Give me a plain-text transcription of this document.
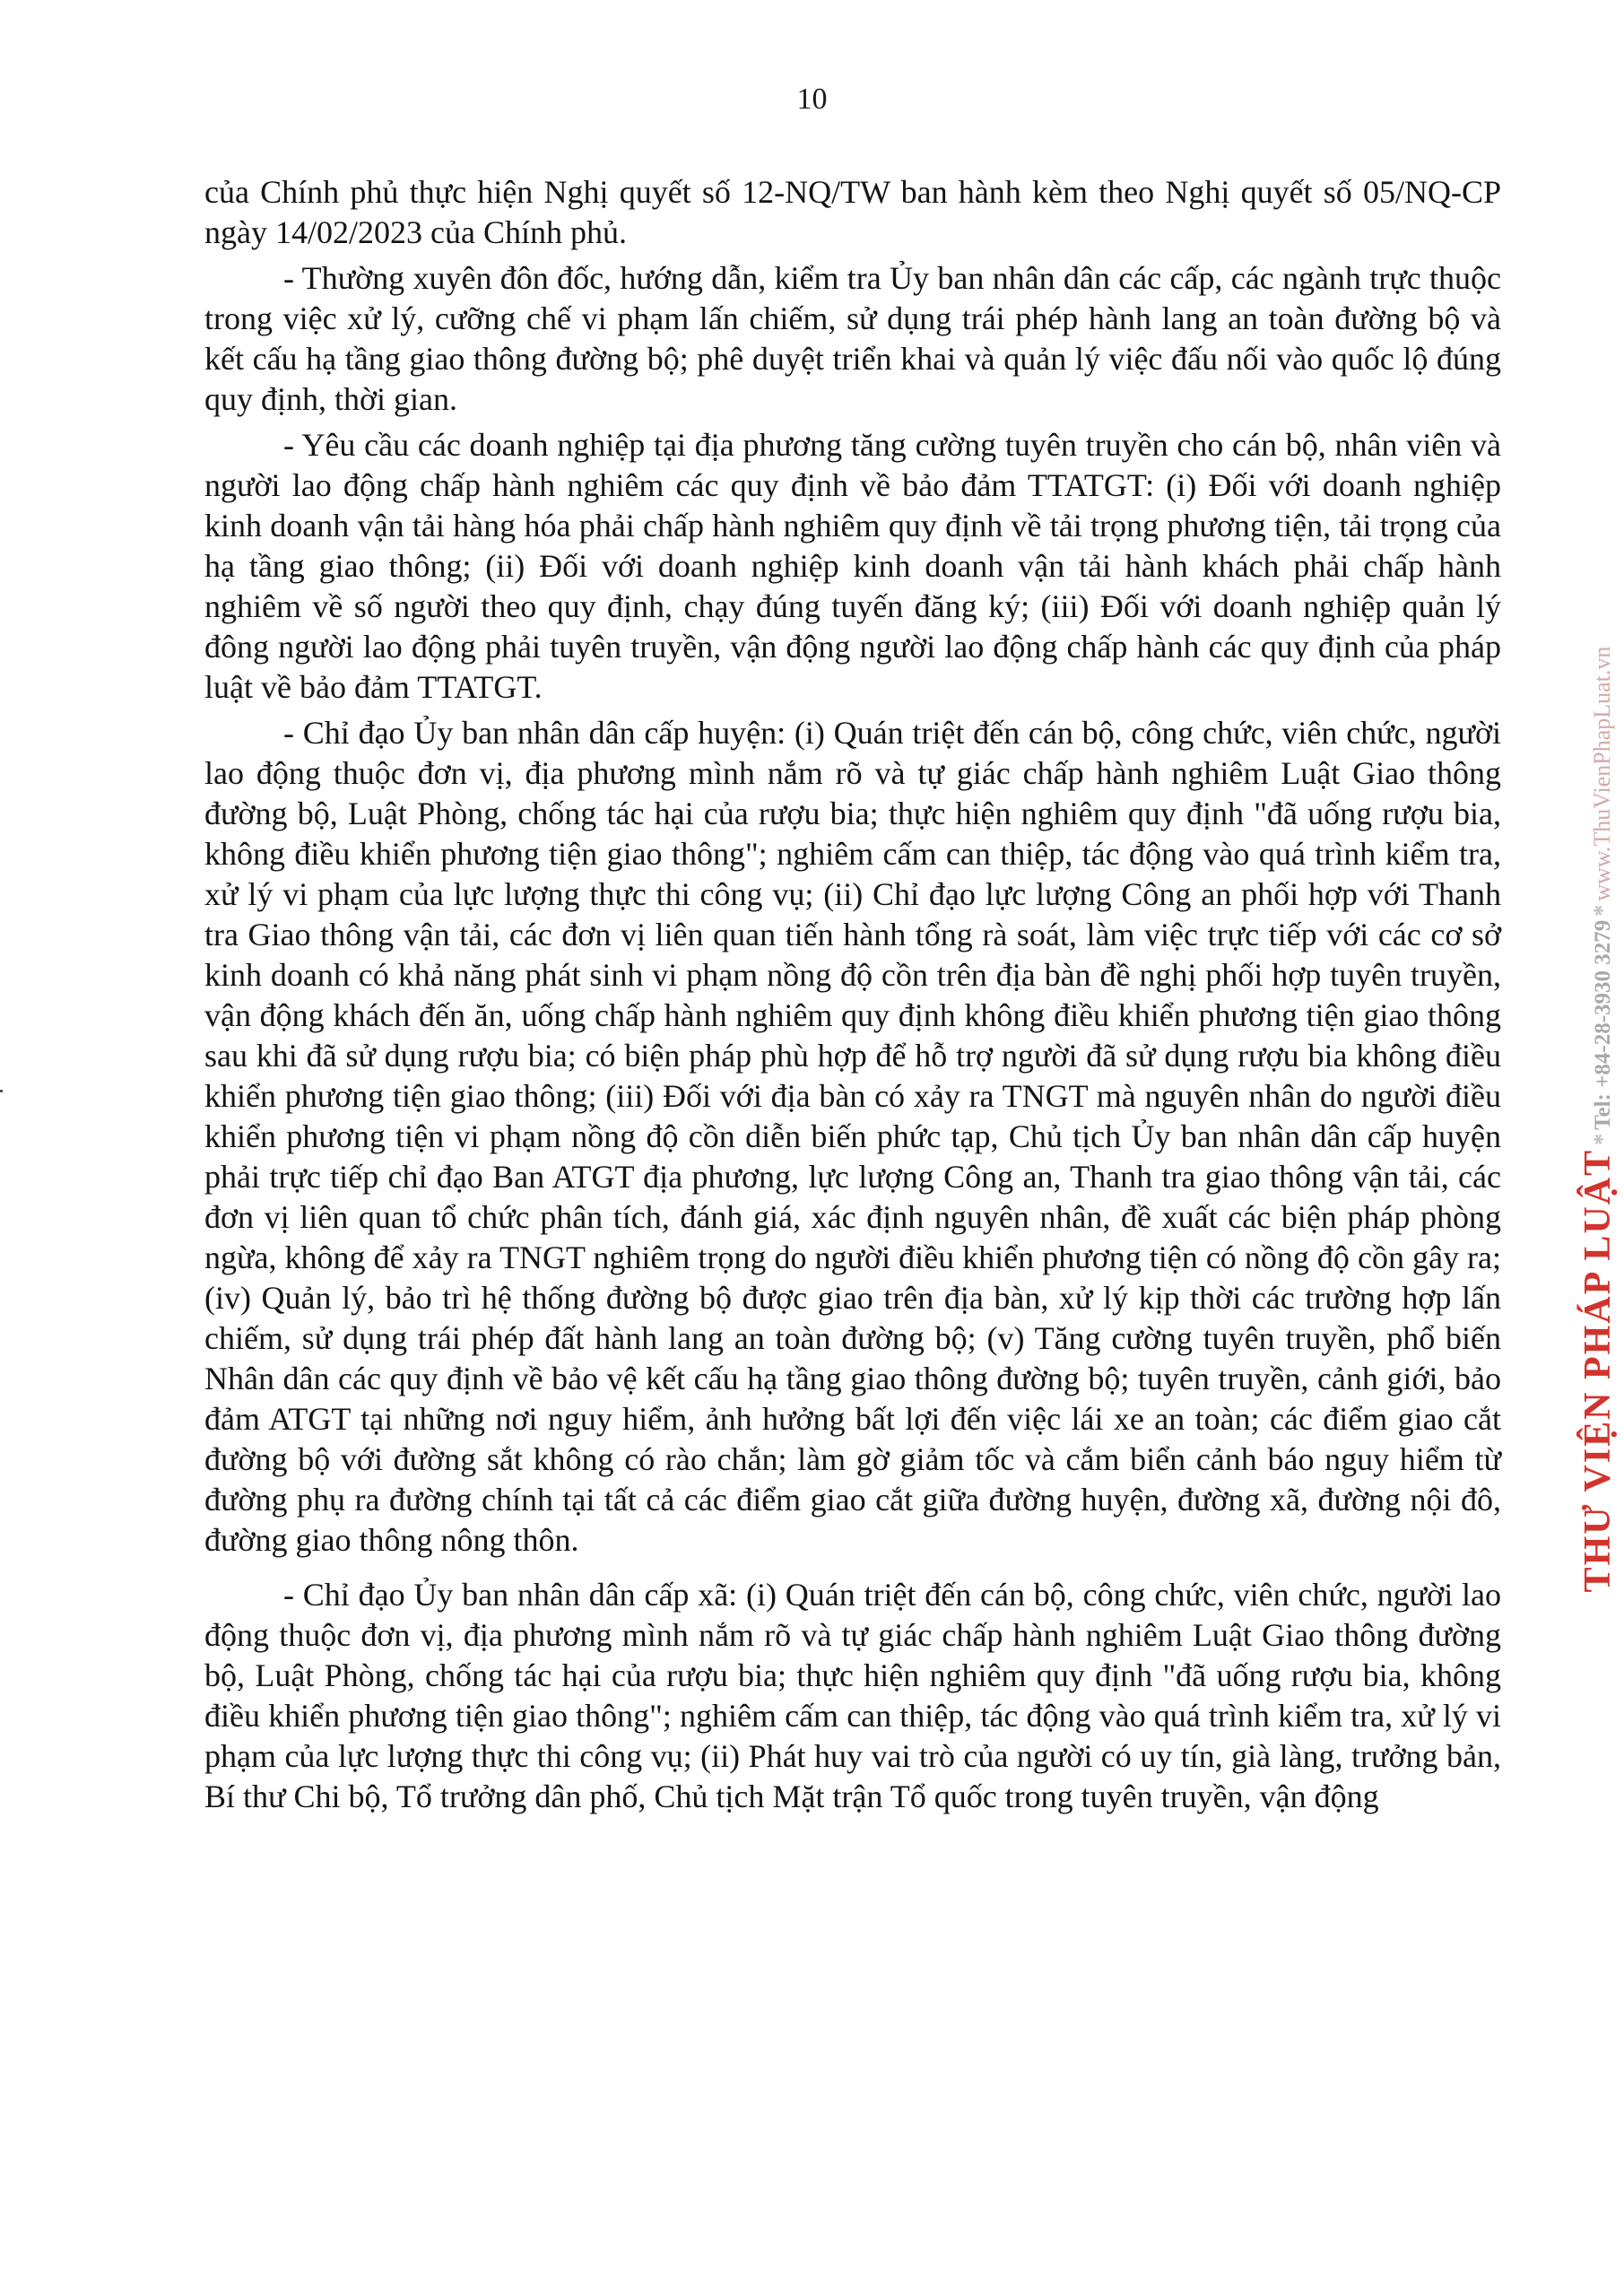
10

của Chính phủ thực hiện Nghị quyết số 12-NQ/TW ban hành kèm theo Nghị quyết số 05/NQ-CP ngày 14/02/2023 của Chính phủ.

- Thường xuyên đôn đốc, hướng dẫn, kiểm tra Ủy ban nhân dân các cấp, các ngành trực thuộc trong việc xử lý, cưỡng chế vi phạm lấn chiếm, sử dụng trái phép hành lang an toàn đường bộ và kết cấu hạ tầng giao thông đường bộ; phê duyệt triển khai và quản lý việc đấu nối vào quốc lộ đúng quy định, thời gian.

- Yêu cầu các doanh nghiệp tại địa phương tăng cường tuyên truyền cho cán bộ, nhân viên và người lao động chấp hành nghiêm các quy định về bảo đảm TTATGT: (i) Đối với doanh nghiệp kinh doanh vận tải hàng hóa phải chấp hành nghiêm quy định về tải trọng phương tiện, tải trọng của hạ tầng giao thông; (ii) Đối với doanh nghiệp kinh doanh vận tải hành khách phải chấp hành nghiêm về số người theo quy định, chạy đúng tuyến đăng ký; (iii) Đối với doanh nghiệp quản lý đông người lao động phải tuyên truyền, vận động người lao động chấp hành các quy định của pháp luật về bảo đảm TTATGT.

- Chỉ đạo Ủy ban nhân dân cấp huyện: (i) Quán triệt đến cán bộ, công chức, viên chức, người lao động thuộc đơn vị, địa phương mình nắm rõ và tự giác chấp hành nghiêm Luật Giao thông đường bộ, Luật Phòng, chống tác hại của rượu bia; thực hiện nghiêm quy định "đã uống rượu bia, không điều khiển phương tiện giao thông"; nghiêm cấm can thiệp, tác động vào quá trình kiểm tra, xử lý vi phạm của lực lượng thực thi công vụ; (ii) Chỉ đạo lực lượng Công an phối hợp với Thanh tra Giao thông vận tải, các đơn vị liên quan tiến hành tổng rà soát, làm việc trực tiếp với các cơ sở kinh doanh có khả năng phát sinh vi phạm nồng độ cồn trên địa bàn đề nghị phối hợp tuyên truyền, vận động khách đến ăn, uống chấp hành nghiêm quy định không điều khiển phương tiện giao thông sau khi đã sử dụng rượu bia; có biện pháp phù hợp để hỗ trợ người đã sử dụng rượu bia không điều khiển phương tiện giao thông; (iii) Đối với địa bàn có xảy ra TNGT mà nguyên nhân do người điều khiển phương tiện vi phạm nồng độ cồn diễn biến phức tạp, Chủ tịch Ủy ban nhân dân cấp huyện phải trực tiếp chỉ đạo Ban ATGT địa phương, lực lượng Công an, Thanh tra giao thông vận tải, các đơn vị liên quan tổ chức phân tích, đánh giá, xác định nguyên nhân, đề xuất các biện pháp phòng ngừa, không để xảy ra TNGT nghiêm trọng do người điều khiển phương tiện có nồng độ cồn gây ra; (iv) Quản lý, bảo trì hệ thống đường bộ được giao trên địa bàn, xử lý kịp thời các trường hợp lấn chiếm, sử dụng trái phép đất hành lang an toàn đường bộ; (v) Tăng cường tuyên truyền, phổ biến Nhân dân các quy định về bảo vệ kết cấu hạ tầng giao thông đường bộ; tuyên truyền, cảnh giới, bảo đảm ATGT tại những nơi nguy hiểm, ảnh hưởng bất lợi đến việc lái xe an toàn; các điểm giao cắt đường bộ với đường sắt không có rào chắn; làm gờ giảm tốc và cắm biển cảnh báo nguy hiểm từ đường phụ ra đường chính tại tất cả các điểm giao cắt giữa đường huyện, đường xã, đường nội đô, đường giao thông nông thôn.

- Chỉ đạo Ủy ban nhân dân cấp xã: (i) Quán triệt đến cán bộ, công chức, viên chức, người lao động thuộc đơn vị, địa phương mình nắm rõ và tự giác chấp hành nghiêm Luật Giao thông đường bộ, Luật Phòng, chống tác hại của rượu bia; thực hiện nghiêm quy định "đã uống rượu bia, không điều khiển phương tiện giao thông"; nghiêm cấm can thiệp, tác động vào quá trình kiểm tra, xử lý vi phạm của lực lượng thực thi công vụ; (ii) Phát huy vai trò của người có uy tín, già làng, trưởng bản, Bí thư Chi bộ, Tổ trưởng dân phố, Chủ tịch Mặt trận Tổ quốc trong tuyên truyền, vận động

THƯ VIỆN PHÁP LUẬT * Tel: +84-28-3930 3279 * www.ThuVienPhapLuat.vn
